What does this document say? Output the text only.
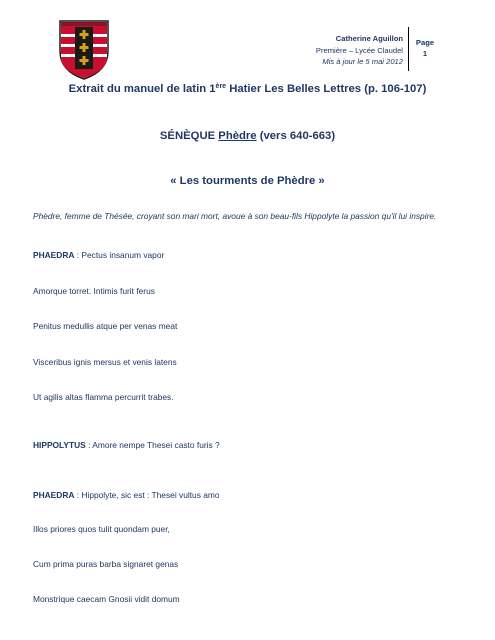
Catherine Aguillon
Première – Lycée Claudel
Mis à jour le 5 mai 2012
Page
1
Extrait du manuel de latin 1ère Hatier Les Belles Lettres (p. 106-107)
SÉNÈQUE Phèdre (vers 640-663)
« Les tourments de Phèdre »
Phèdre, femme de Thésée, croyant son mari mort, avoue à son beau-fils Hippolyte la passion qu'il lui inspire.
PHAEDRA : Pectus insanum vapor
Amorque torret. Intimis furit ferus
Penitus medullis atque per venas meat
Visceribus ignis mersus et venis latens
Ut agilis altas flamma percurrit trabes.
HIPPOLYTUS : Amore nempe Thesei casto furis ?
PHAEDRA : Hippolyte, sic est : Thesei vultus amo
Illos priores quos tulit quondam puer,
Cum prima puras barba signaret genas
Monstrique caecam Gnosii vidit domum
